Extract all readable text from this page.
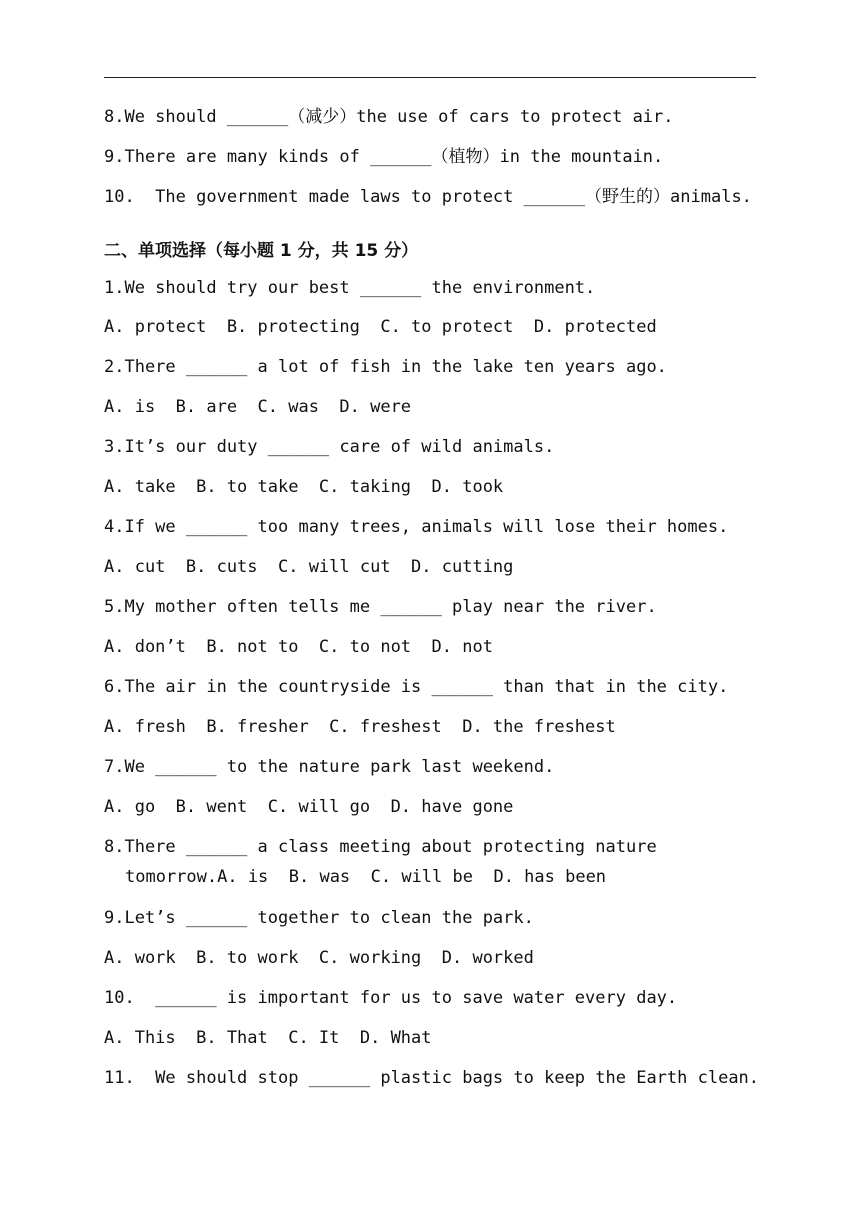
8.We should ______（减少）the use of cars to protect air.
9.There are many kinds of ______（植物）in the mountain.
10.  The government made laws to protect ______（野生的）animals.
二、单项选择（每小题 1 分，共 15 分）
1.We should try our best ______ the environment.
A. protect  B. protecting  C. to protect  D. protected
2.There ______ a lot of fish in the lake ten years ago.
A. is  B. are  C. was  D. were
3.It’s our duty ______ care of wild animals.
A. take  B. to take  C. taking  D. took
4.If we ______ too many trees, animals will lose their homes.
A. cut  B. cuts  C. will cut  D. cutting
5.My mother often tells me ______ play near the river.
A. don’t  B. not to  C. to not  D. not
6.The air in the countryside is ______ than that in the city.
A. fresh  B. fresher  C. freshest  D. the freshest
7.We ______ to the nature park last weekend.
A. go  B. went  C. will go  D. have gone
8.There ______ a class meeting about protecting nature
tomorrow.A. is  B. was  C. will be  D. has been
9.Let’s ______ together to clean the park.
A. work  B. to work  C. working  D. worked
10.  ______ is important for us to save water every day.
A. This  B. That  C. It  D. What
11.  We should stop ______ plastic bags to keep the Earth clean.
